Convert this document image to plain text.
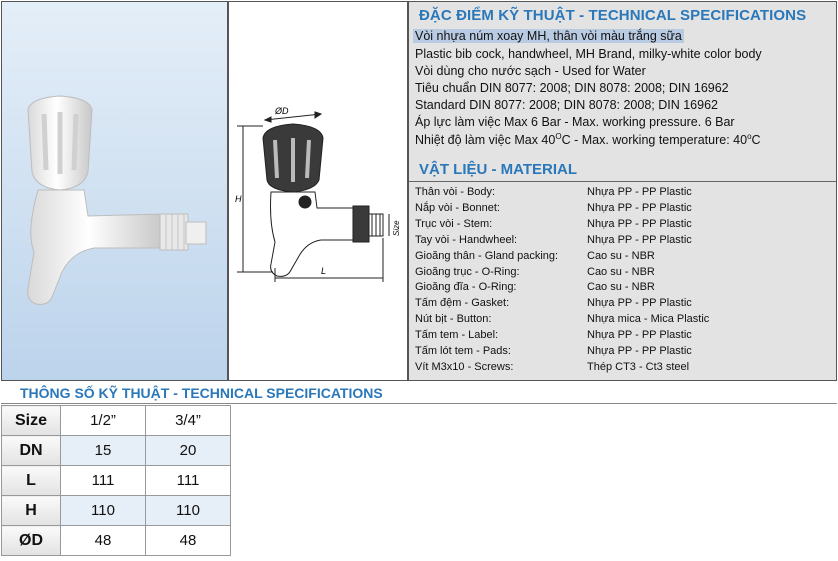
ØD
H
L
Size
ĐẶC ĐIỂM KỸ THUẬT - TECHNICAL SPECIFICATIONS
Vòi nhựa núm xoay MH, thân vòi màu trắng sữa
Plastic bib cock, handwheel, MH Brand, milky-white color body
Vòi dùng cho nước sạch - Used for Water
Tiêu chuẩn DIN 8077: 2008; DIN 8078: 2008; DIN 16962
Standard DIN 8077: 2008; DIN 8078: 2008; DIN 16962
Áp lực làm việc Max 6 Bar - Max. working pressure. 6 Bar
Nhiệt độ làm việc Max $40^OC$ - Max. working temperature: 40$^o$C
VẬT LIỆU - MATERIAL
Thân vòi - Body:	Nhựa PP - PP Plastic
Nắp vòi - Bonnet:	Nhựa PP - PP Plastic
Trục vòi - Stem:	Nhựa PP - PP Plastic
Tay vòi - Handwheel:	Nhựa PP - PP Plastic
Gioăng thân - Gland packing:	Cao su - NBR
Gioăng trục - O-Ring:	Cao su - NBR
Gioăng đĩa - O-Ring:	Cao su - NBR
Tấm đệm - Gasket:	Nhựa PP - PP Plastic
Nút bịt - Button:	Nhựa mica - Mica Plastic
Tấm tem - Label:	Nhựa PP - PP Plastic
Tấm lót tem - Pads:	Nhựa PP - PP Plastic
Vít M3x10 - Screws:	Thép CT3 - Ct3 steel
THÔNG SỐ KỸ THUẬT - TECHNICAL SPECIFICATIONS
Size	1/2”	3/4”
DN	15	20
L	111	111
H	110	110
ØD	48	48
